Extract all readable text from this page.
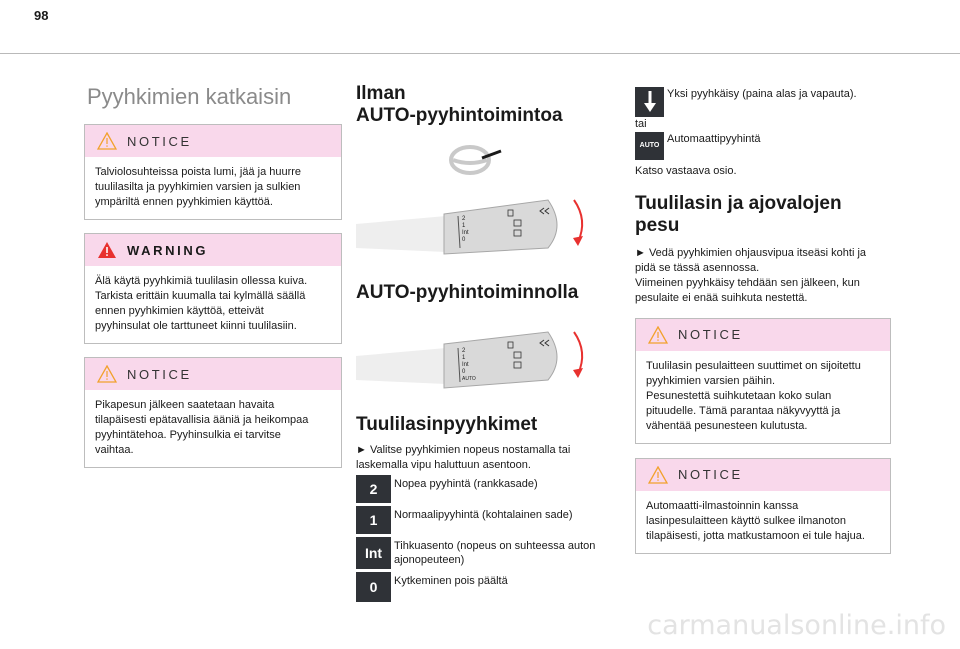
98
Pyyhkimien katkaisin
NOTICE

Talviolosuhteissa poista lumi, jää ja huurre

tuulilasilta ja pyyhkimien varsien ja sulkien

ympäriltä ennen pyyhkimien käyttöä.

WARNING

Älä käytä pyyhkimiä tuulilasin ollessa kuiva.

Tarkista erittäin kuumalla tai kylmällä säällä

ennen pyyhkimien käyttöä, etteivät

pyyhinsulat ole tarttuneet kiinni tuulilasiin.

NOTICE

Pikapesun jälkeen saatetaan havaita

tilapäisesti epätavallisia ääniä ja heikompaa

pyyhintätehoa. Pyyhinsulkia ei tarvitse

vaihtaa.

Ilman
AUTO-pyyhintoimintoa
2
1
Int
0
AUTO-pyyhintoiminnolla
2
1
Int
0
AUTO
Tuulilasinpyyhkimet

► Valitse pyyhkimien nopeus nostamalla tai

laskemalla vipu haluttuun asentoon.

2	Nopea pyyhintä (rankkasade)
1	Normaalipyyhintä (kohtalainen sade)
Int	Tihkuasento (nopeus on suhteessa auton
ajonopeuteen)
0	Kytkeminen pois päältä
Yksi pyyhkäisy (paina alas ja vapauta).
tai
AUTO
Automaattipyyhintä
Katso vastaava osio.
Tuulilasin ja ajovalojen pesu

► Vedä pyyhkimien ohjausvipua itseäsi kohti ja

pidä se tässä asennossa.

Viimeinen pyyhkäisy tehdään sen jälkeen, kun

pesulaite ei enää suihkuta nestettä.

NOTICE

Tuulilasin pesulaitteen suuttimet on sijoitettu

pyyhkimien varsien päihin.

Pesunestettä suihkutetaan koko sulan

pituudelle. Tämä parantaa näkyvyyttä ja

vähentää pesunesteen kulutusta.

NOTICE

Automaatti-ilmastoinnin kanssa

lasinpesulaitteen käyttö sulkee ilmanoton

tilapäisesti, jotta matkustamoon ei tule hajua.

carmanualsonline.info
